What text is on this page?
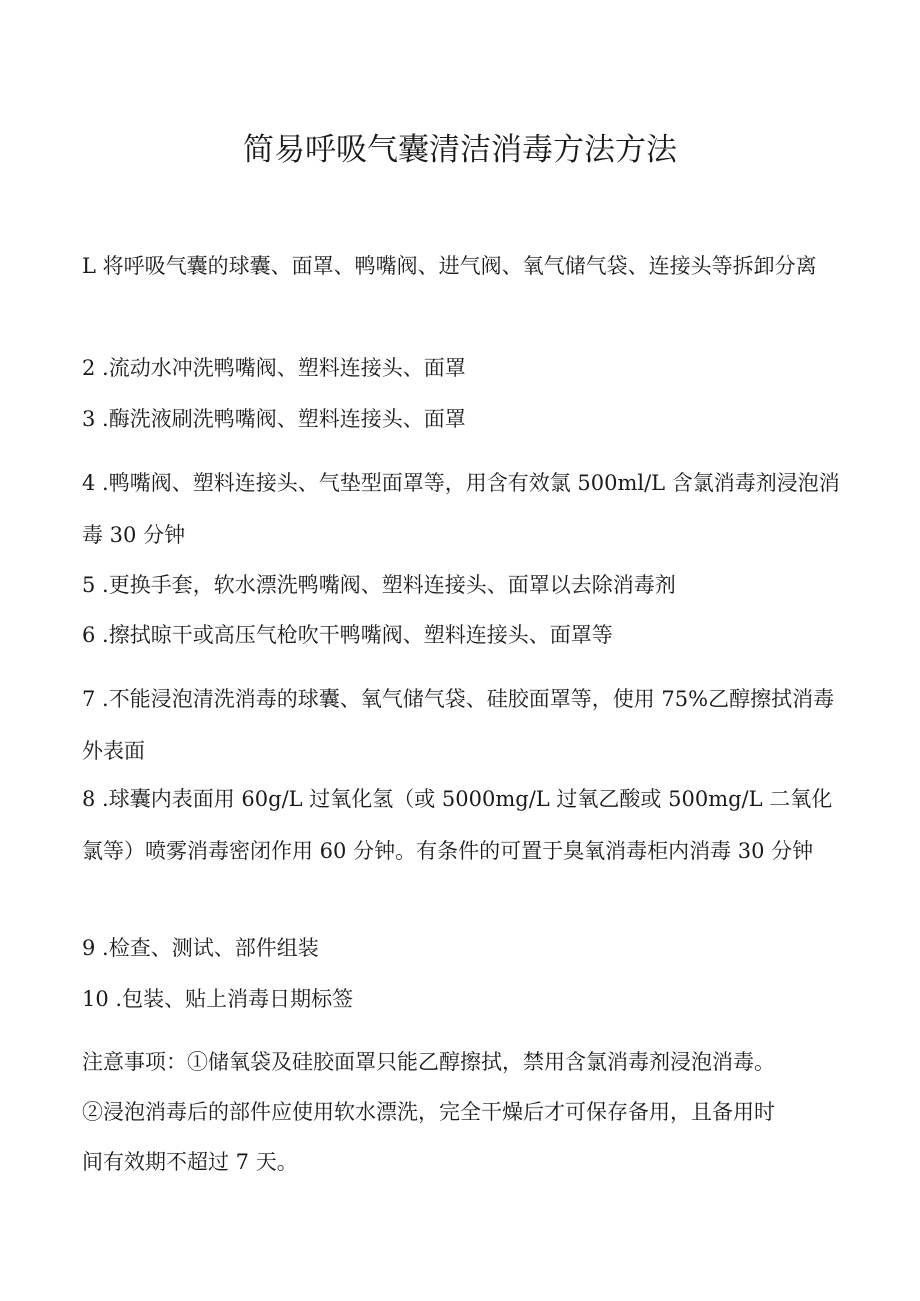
简易呼吸气囊清洁消毒方法方法

L 将呼吸气囊的球囊、面罩、鸭嘴阀、进气阀、氧气储气袋、连接头等拆卸分离

2 .流动水冲洗鸭嘴阀、塑料连接头、面罩

3 .酶洗液刷洗鸭嘴阀、塑料连接头、面罩

4 .鸭嘴阀、塑料连接头、气垫型面罩等，用含有效氯 500ml/L 含氯消毒剂浸泡消毒 30 分钟

5 .更换手套，软水漂洗鸭嘴阀、塑料连接头、面罩以去除消毒剂

6 .擦拭晾干或高压气枪吹干鸭嘴阀、塑料连接头、面罩等

7 .不能浸泡清洗消毒的球囊、氧气储气袋、硅胶面罩等，使用 75%乙醇擦拭消毒外表面

8 .球囊内表面用 60g/L 过氧化氢（或 5000mg/L 过氧乙酸或 500mg/L 二氧化氯等）喷雾消毒密闭作用 60 分钟。有条件的可置于臭氧消毒柜内消毒 30 分钟

9 .检查、测试、部件组装

10 .包装、贴上消毒日期标签

注意事项：①储氧袋及硅胶面罩只能乙醇擦拭，禁用含氯消毒剂浸泡消毒。
②浸泡消毒后的部件应使用软水漂洗，完全干燥后才可保存备用，且备用时
间有效期不超过 7 天。
